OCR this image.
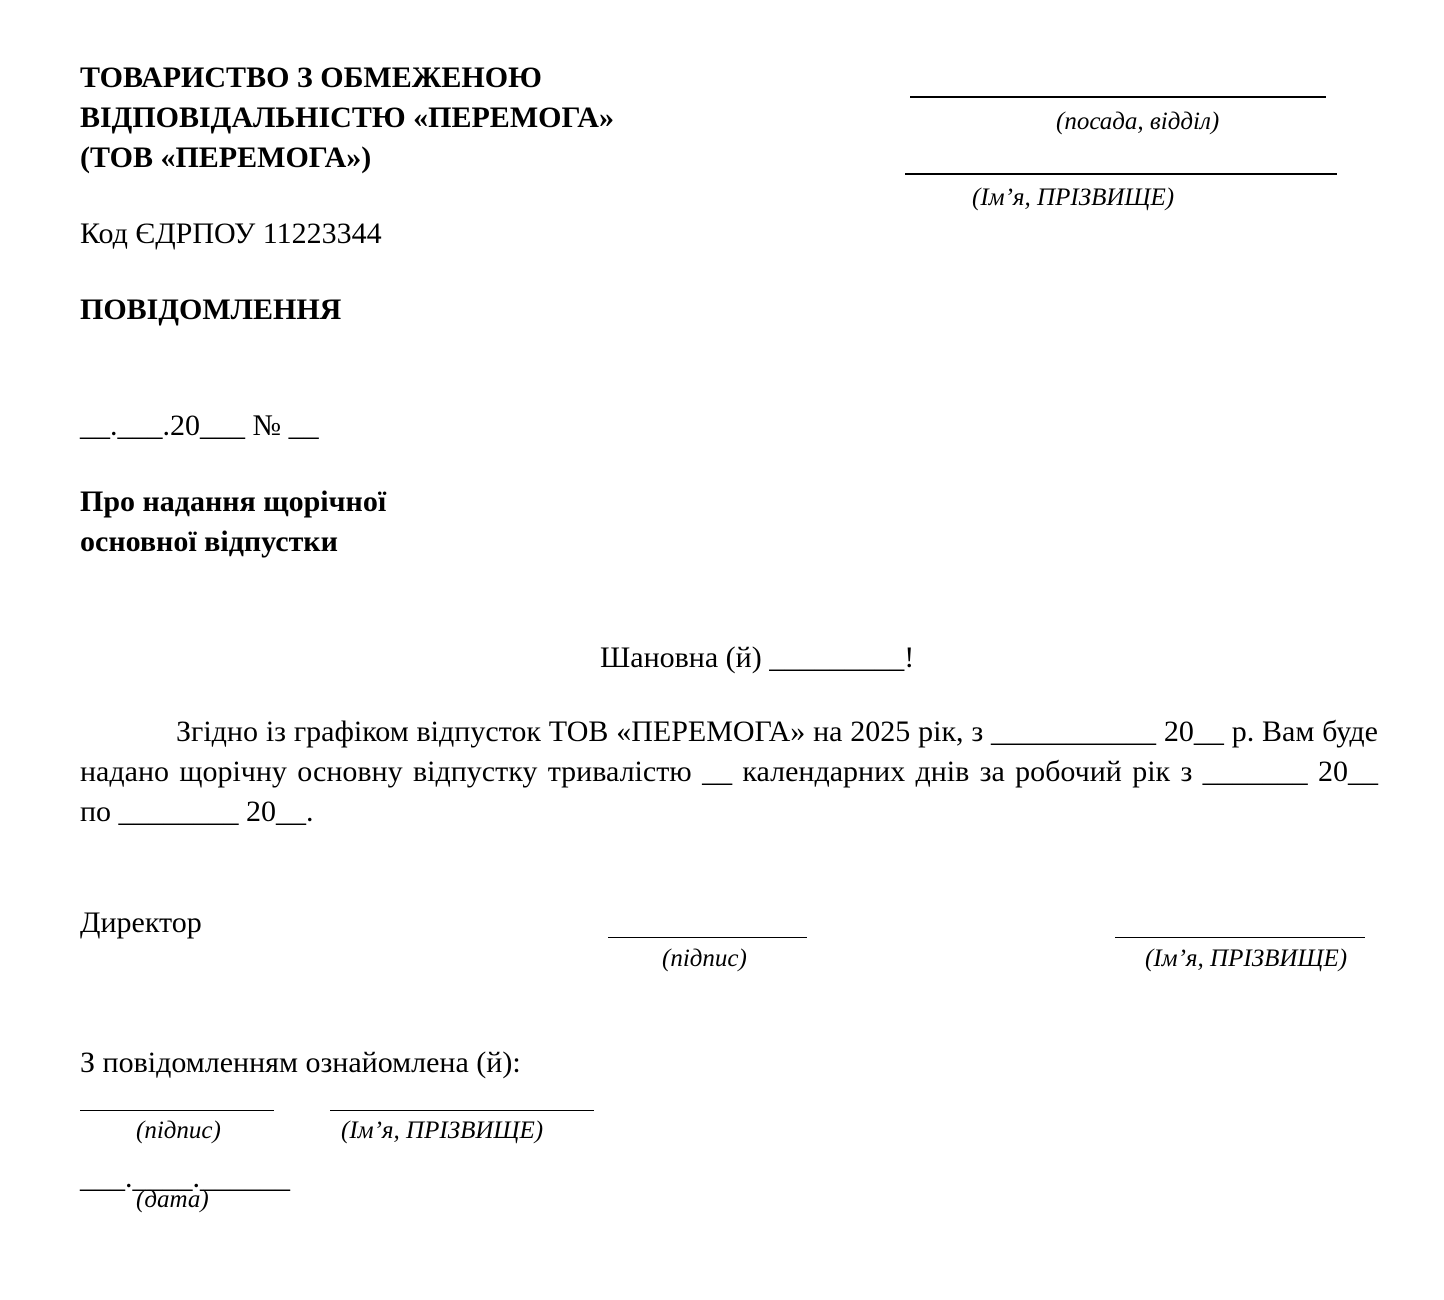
ТОВАРИСТВО З ОБМЕЖЕНОЮ
ВІДПОВІДАЛЬНІСТЮ «ПЕРЕМОГА»
(ТОВ «ПЕРЕМОГА»)
(посада, відділ)
(Ім’я, ПРІЗВИЩЕ)
Код ЄДРПОУ 11223344
ПОВІДОМЛЕННЯ
__.___.20___ № __
Про надання щорічної
основної відпустки
Шановна (й) _________!
Згідно із графіком відпусток ТОВ «ПЕРЕМОГА» на 2025 рік, з ___________ 20__ р. Вам буде надано щорічну основну відпустку тривалістю __ календарних днів за робочий рік з _______ 20__ по ________ 20__.
Директор
(підпис)	(Ім’я, ПРІЗВИЩЕ)
З повідомленням ознайомлена (й):
(підпис)	(Ім’я, ПРІЗВИЩЕ)
___.____.______
(дата)
